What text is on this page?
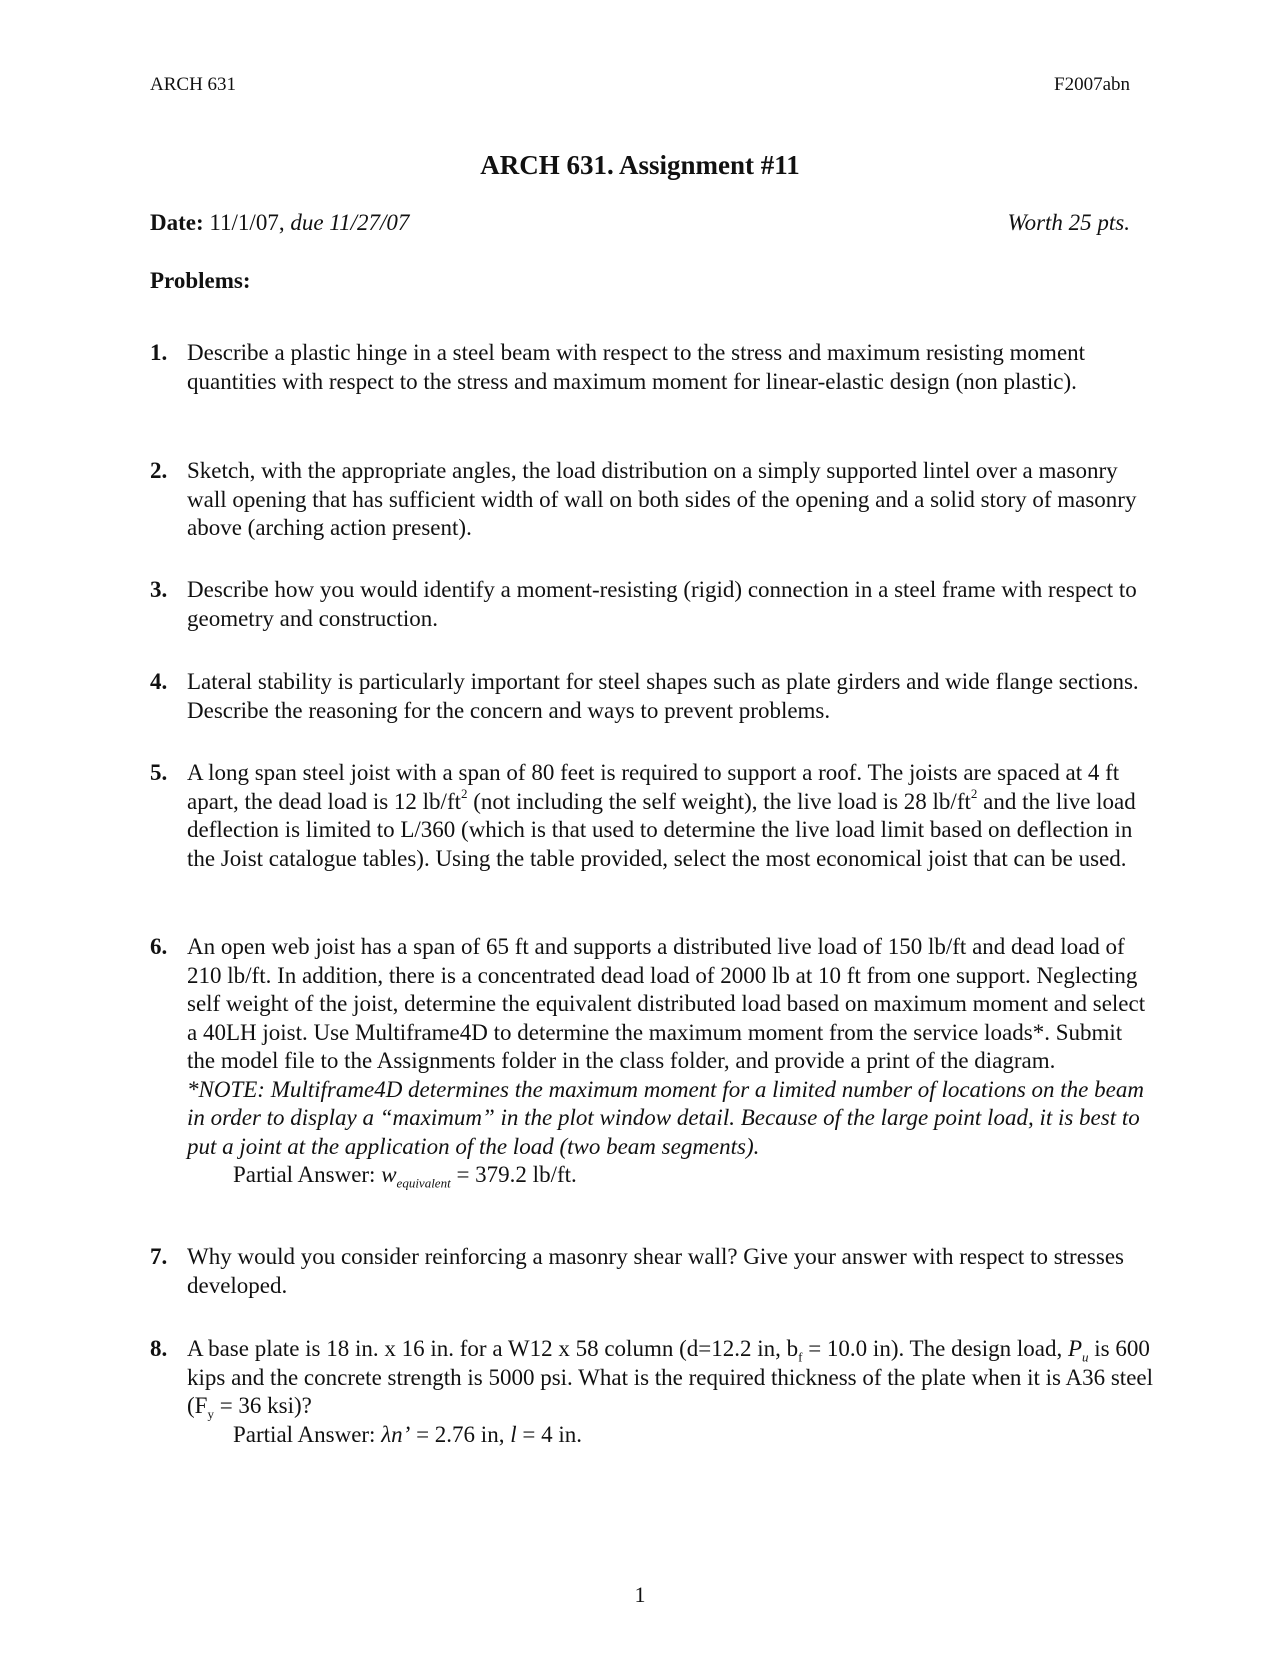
ARCH 631	F2007abn
ARCH 631. Assignment #11
Date: 11/1/07, due 11/27/07	Worth 25 pts.
Problems:
1. Describe a plastic hinge in a steel beam with respect to the stress and maximum resisting moment quantities with respect to the stress and maximum moment for linear-elastic design (non plastic).
2. Sketch, with the appropriate angles, the load distribution on a simply supported lintel over a masonry wall opening that has sufficient width of wall on both sides of the opening and a solid story of masonry above (arching action present).
3. Describe how you would identify a moment-resisting (rigid) connection in a steel frame with respect to geometry and construction.
4. Lateral stability is particularly important for steel shapes such as plate girders and wide flange sections. Describe the reasoning for the concern and ways to prevent problems.
5. A long span steel joist with a span of 80 feet is required to support a roof. The joists are spaced at 4 ft apart, the dead load is 12 $lb/ft^2$ (not including the self weight), the live load is 28 $lb/ft^2$ and the live load deflection is limited to L/360 (which is that used to determine the live load limit based on deflection in the Joist catalogue tables). Using the table provided, select the most economical joist that can be used.
6. An open web joist has a span of 65 ft and supports a distributed live load of 150 lb/ft and dead load of 210 lb/ft. In addition, there is a concentrated dead load of 2000 lb at 10 ft from one support. Neglecting self weight of the joist, determine the equivalent distributed load based on maximum moment and select a 40LH joist. Use Multiframe4D to determine the maximum moment from the service loads*. Submit the model file to the Assignments folder in the class folder, and provide a print of the diagram.
*NOTE: Multiframe4D determines the maximum moment for a limited number of locations on the beam in order to display a “maximum” in the plot window detail. Because of the large point load, it is best to put a joint at the application of the load (two beam segments).
Partial Answer: $w_{equivalent} = 379.2$ lb/ft.
7. Why would you consider reinforcing a masonry shear wall? Give your answer with respect to stresses developed.
8. A base plate is 18 in. x 16 in. for a W12 x 58 column (d=12.2 in, $b_f = 10.0$ in). The design load, $P_u$ is 600 kips and the concrete strength is 5000 psi. What is the required thickness of the plate when it is A36 steel ($F_y = 36$ ksi)?
Partial Answer: λn’ = 2.76 in, l = 4 in.
1
